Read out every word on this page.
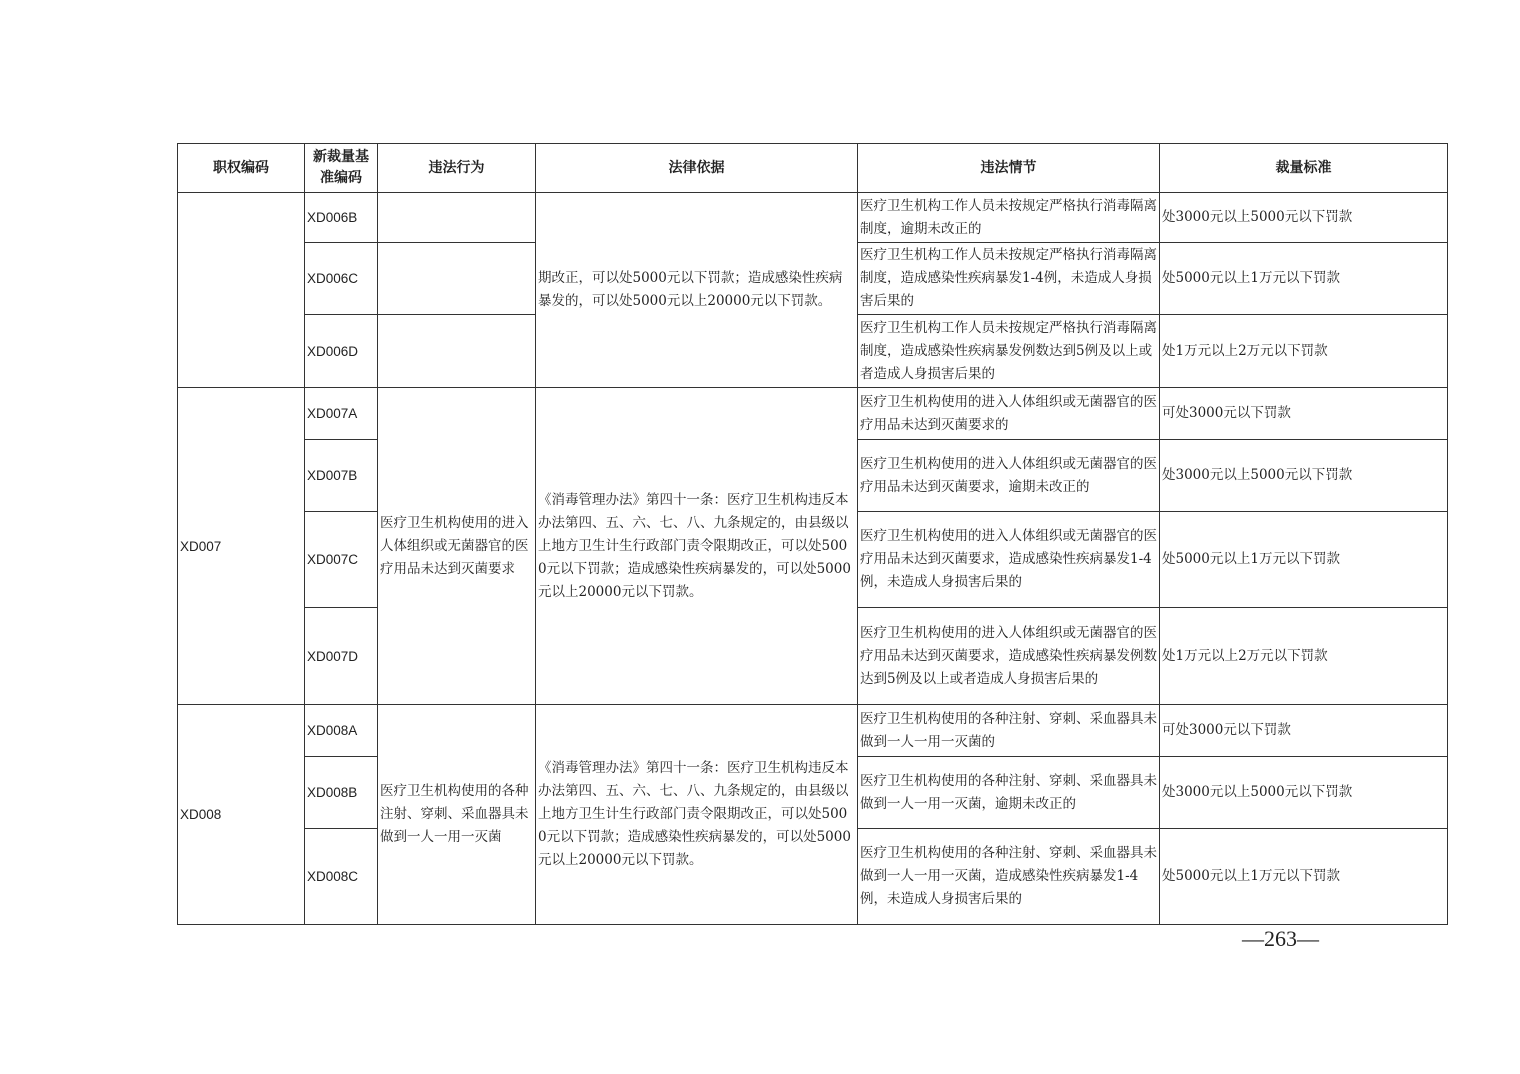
职权编码	新裁量基准编码	违法行为	法律依据	违法情节	裁量标准
	XD006B		期改正，可以处5000元以下罚款；造成感染性疾病暴发的，可以处5000元以上20000元以下罚款。	医疗卫生机构工作人员未按规定严格执行消毒隔离制度，逾期未改正的	处3000元以上5000元以下罚款
	XD006C			医疗卫生机构工作人员未按规定严格执行消毒隔离制度，造成感染性疾病暴发1-4例，未造成人身损害后果的	处5000元以上1万元以下罚款
	XD006D			医疗卫生机构工作人员未按规定严格执行消毒隔离制度，造成感染性疾病暴发例数达到5例及以上或者造成人身损害后果的	处1万元以上2万元以下罚款
XD007	XD007A	医疗卫生机构使用的进入人体组织或无菌器官的医疗用品未达到灭菌要求	《消毒管理办法》第四十一条：医疗卫生机构违反本办法第四、五、六、七、八、九条规定的，由县级以上地方卫生计生行政部门责令限期改正，可以处5000元以下罚款；造成感染性疾病暴发的，可以处5000元以上20000元以下罚款。	医疗卫生机构使用的进入人体组织或无菌器官的医疗用品未达到灭菌要求的	可处3000元以下罚款
	XD007B			医疗卫生机构使用的进入人体组织或无菌器官的医疗用品未达到灭菌要求，逾期未改正的	处3000元以上5000元以下罚款
	XD007C			医疗卫生机构使用的进入人体组织或无菌器官的医疗用品未达到灭菌要求，造成感染性疾病暴发1-4例，未造成人身损害后果的	处5000元以上1万元以下罚款
	XD007D			医疗卫生机构使用的进入人体组织或无菌器官的医疗用品未达到灭菌要求，造成感染性疾病暴发例数达到5例及以上或者造成人身损害后果的	处1万元以上2万元以下罚款
XD008	XD008A	医疗卫生机构使用的各种注射、穿刺、采血器具未做到一人一用一灭菌	《消毒管理办法》第四十一条：医疗卫生机构违反本办法第四、五、六、七、八、九条规定的，由县级以上地方卫生计生行政部门责令限期改正，可以处5000元以下罚款；造成感染性疾病暴发的，可以处5000元以上20000元以下罚款。	医疗卫生机构使用的各种注射、穿刺、采血器具未做到一人一用一灭菌的	可处3000元以下罚款
	XD008B			医疗卫生机构使用的各种注射、穿刺、采血器具未做到一人一用一灭菌，逾期未改正的	处3000元以上5000元以下罚款
	XD008C			医疗卫生机构使用的各种注射、穿刺、采血器具未做到一人一用一灭菌，造成感染性疾病暴发1-4例，未造成人身损害后果的	处5000元以上1万元以下罚款
—263—
